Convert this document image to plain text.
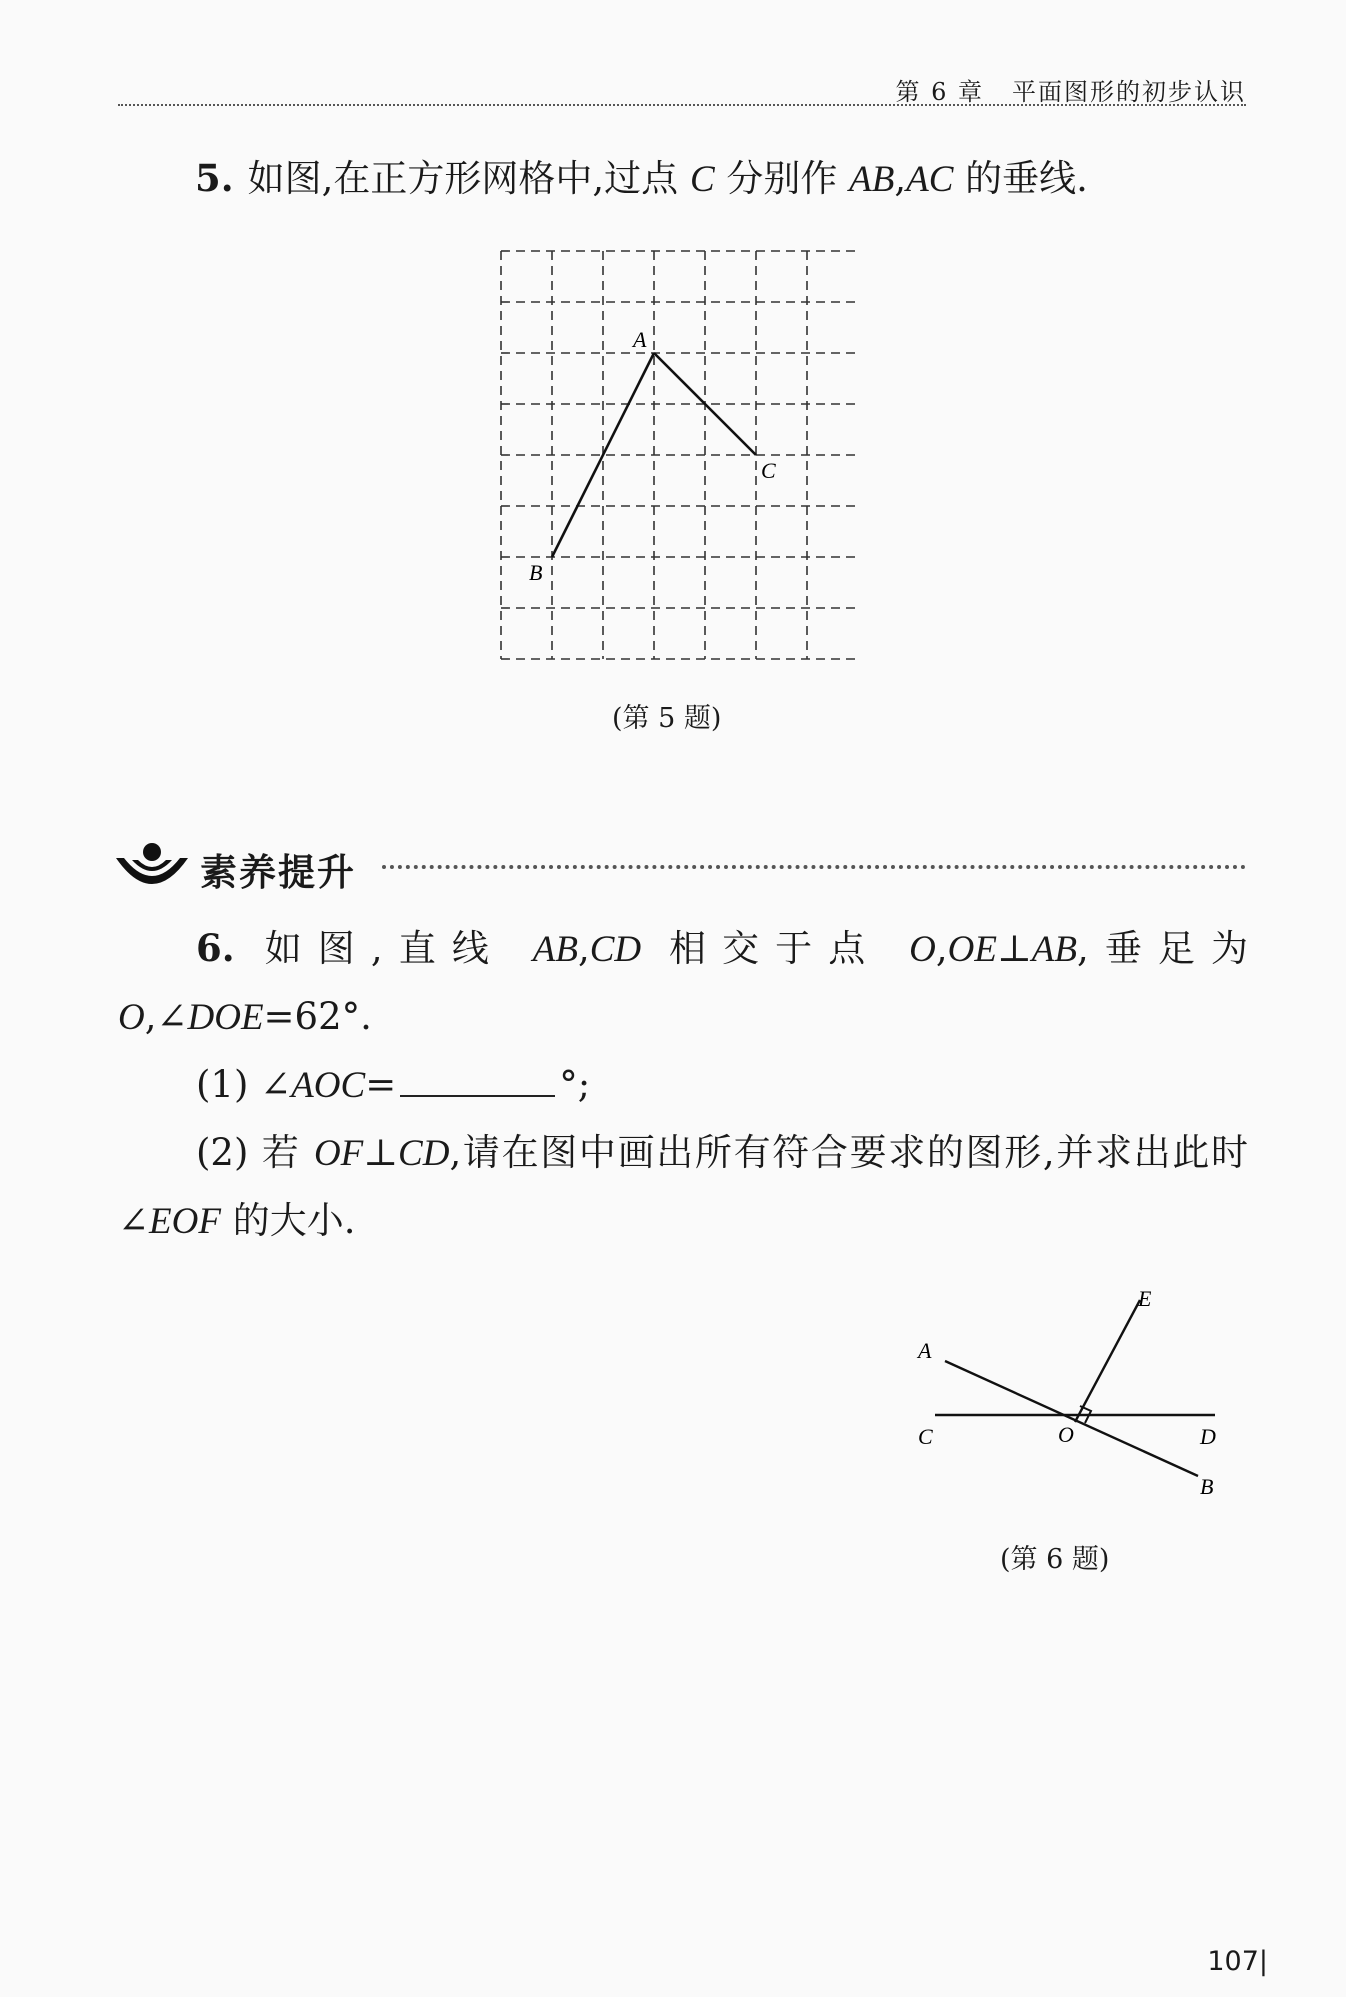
第 6 章 平面图形的初步认识
5. 如图,在正方形网格中,过点 C 分别作 AB,AC 的垂线.
A
B
C
(第 5 题)
素养提升

6. 如图,直线 AB,CD 相交于点 O,OE⊥AB,垂足为 O,∠DOE=62°.

(1) ∠AOC=	°;

(2) 若 OF⊥CD,请在图中画出所有符合要求的图形,并求出此时∠EOF 的大小.

A
B
C	D
O
E
(第 6 题)
107|
